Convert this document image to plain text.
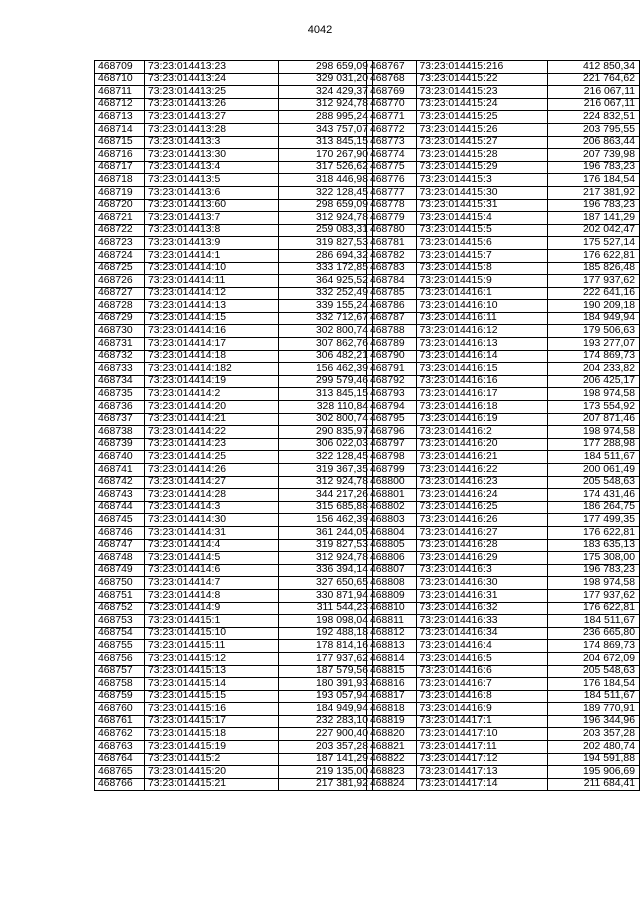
4042
468709	73:23:014413:23	298 659,09
468710	73:23:014413:24	329 031,20
468711	73:23:014413:25	324 429,37
468712	73:23:014413:26	312 924,78
468713	73:23:014413:27	288 995,24
468714	73:23:014413:28	343 757,07
468715	73:23:014413:3	313 845,15
468716	73:23:014413:30	170 267,90
468717	73:23:014413:4	317 526,62
468718	73:23:014413:5	318 446,98
468719	73:23:014413:6	322 128,45
468720	73:23:014413:60	298 659,09
468721	73:23:014413:7	312 924,78
468722	73:23:014413:8	259 083,31
468723	73:23:014413:9	319 827,53
468724	73:23:014414:1	286 694,32
468725	73:23:014414:10	333 172,85
468726	73:23:014414:11	364 925,52
468727	73:23:014414:12	332 252,49
468728	73:23:014414:13	339 155,24
468729	73:23:014414:15	332 712,67
468730	73:23:014414:16	302 800,74
468731	73:23:014414:17	307 862,76
468732	73:23:014414:18	306 482,21
468733	73:23:014414:182	156 462,39
468734	73:23:014414:19	299 579,46
468735	73:23:014414:2	313 845,15
468736	73:23:014414:20	328 110,84
468737	73:23:014414:21	302 800,74
468738	73:23:014414:22	290 835,97
468739	73:23:014414:23	306 022,03
468740	73:23:014414:25	322 128,45
468741	73:23:014414:26	319 367,35
468742	73:23:014414:27	312 924,78
468743	73:23:014414:28	344 217,26
468744	73:23:014414:3	315 685,88
468745	73:23:014414:30	156 462,39
468746	73:23:014414:31	361 244,05
468747	73:23:014414:4	319 827,53
468748	73:23:014414:5	312 924,78
468749	73:23:014414:6	336 394,14
468750	73:23:014414:7	327 650,65
468751	73:23:014414:8	330 871,94
468752	73:23:014414:9	311 544,23
468753	73:23:014415:1	198 098,04
468754	73:23:014415:10	192 488,18
468755	73:23:014415:11	178 814,16
468756	73:23:014415:12	177 937,62
468757	73:23:014415:13	187 579,56
468758	73:23:014415:14	180 391,93
468759	73:23:014415:15	193 057,94
468760	73:23:014415:16	184 949,94
468761	73:23:014415:17	232 283,10
468762	73:23:014415:18	227 900,40
468763	73:23:014415:19	203 357,28
468764	73:23:014415:2	187 141,29
468765	73:23:014415:20	219 135,00
468766	73:23:014415:21	217 381,92
468767	73:23:014415:216	412 850,34
468768	73:23:014415:22	221 764,62
468769	73:23:014415:23	216 067,11
468770	73:23:014415:24	216 067,11
468771	73:23:014415:25	224 832,51
468772	73:23:014415:26	203 795,55
468773	73:23:014415:27	206 863,44
468774	73:23:014415:28	207 739,98
468775	73:23:014415:29	196 783,23
468776	73:23:014415:3	176 184,54
468777	73:23:014415:30	217 381,92
468778	73:23:014415:31	196 783,23
468779	73:23:014415:4	187 141,29
468780	73:23:014415:5	202 042,47
468781	73:23:014415:6	175 527,14
468782	73:23:014415:7	176 622,81
468783	73:23:014415:8	185 826,48
468784	73:23:014415:9	177 937,62
468785	73:23:014416:1	222 641,16
468786	73:23:014416:10	190 209,18
468787	73:23:014416:11	184 949,94
468788	73:23:014416:12	179 506,63
468789	73:23:014416:13	193 277,07
468790	73:23:014416:14	174 869,73
468791	73:23:014416:15	204 233,82
468792	73:23:014416:16	206 425,17
468793	73:23:014416:17	198 974,58
468794	73:23:014416:18	173 554,92
468795	73:23:014416:19	207 871,46
468796	73:23:014416:2	198 974,58
468797	73:23:014416:20	177 288,98
468798	73:23:014416:21	184 511,67
468799	73:23:014416:22	200 061,49
468800	73:23:014416:23	205 548,63
468801	73:23:014416:24	174 431,46
468802	73:23:014416:25	186 264,75
468803	73:23:014416:26	177 499,35
468804	73:23:014416:27	176 622,81
468805	73:23:014416:28	183 635,13
468806	73:23:014416:29	175 308,00
468807	73:23:014416:3	196 783,23
468808	73:23:014416:30	198 974,58
468809	73:23:014416:31	177 937,62
468810	73:23:014416:32	176 622,81
468811	73:23:014416:33	184 511,67
468812	73:23:014416:34	236 665,80
468813	73:23:014416:4	174 869,73
468814	73:23:014416:5	204 672,09
468815	73:23:014416:6	205 548,63
468816	73:23:014416:7	176 184,54
468817	73:23:014416:8	184 511,67
468818	73:23:014416:9	189 770,91
468819	73:23:014417:1	196 344,96
468820	73:23:014417:10	203 357,28
468821	73:23:014417:11	202 480,74
468822	73:23:014417:12	194 591,88
468823	73:23:014417:13	195 906,69
468824	73:23:014417:14	211 684,41
